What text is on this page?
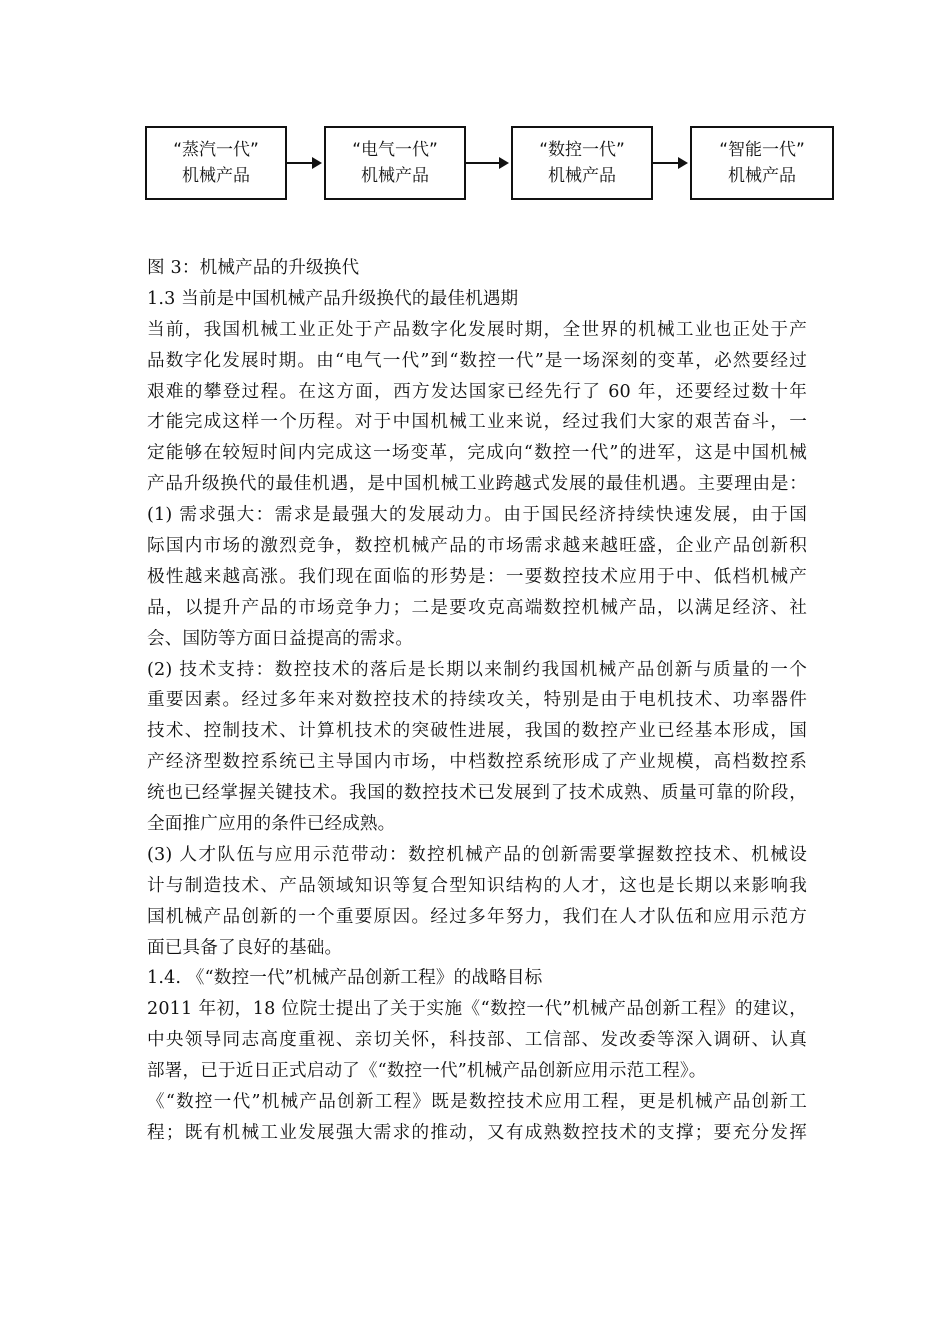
“蒸汽一代”
机械产品
“电气一代”
机械产品
“数控一代”
机械产品
“智能一代”
机械产品
图 3：机械产品的升级换代
1.3 当前是中国机械产品升级换代的最佳机遇期
当前，我国机械工业正处于产品数字化发展时期，全世界的机械工业也正处于产
品数字化发展时期。由“电气一代”到“数控一代”是一场深刻的变革，必然要经过
艰难的攀登过程。在这方面，西方发达国家已经先行了 60 年，还要经过数十年
才能完成这样一个历程。对于中国机械工业来说，经过我们大家的艰苦奋斗，一
定能够在较短时间内完成这一场变革，完成向“数控一代”的进军，这是中国机械
产品升级换代的最佳机遇，是中国机械工业跨越式发展的最佳机遇。主要理由是：
(1) 需求强大：需求是最强大的发展动力。由于国民经济持续快速发展，由于国
际国内市场的激烈竞争，数控机械产品的市场需求越来越旺盛，企业产品创新积
极性越来越高涨。我们现在面临的形势是：一要数控技术应用于中、低档机械产
品，以提升产品的市场竞争力；二是要攻克高端数控机械产品，以满足经济、社
会、国防等方面日益提高的需求。
(2) 技术支持：数控技术的落后是长期以来制约我国机械产品创新与质量的一个
重要因素。经过多年来对数控技术的持续攻关，特别是由于电机技术、功率器件
技术、控制技术、计算机技术的突破性进展，我国的数控产业已经基本形成，国
产经济型数控系统已主导国内市场，中档数控系统形成了产业规模，高档数控系
统也已经掌握关键技术。我国的数控技术已发展到了技术成熟、质量可靠的阶段，
全面推广应用的条件已经成熟。
(3) 人才队伍与应用示范带动：数控机械产品的创新需要掌握数控技术、机械设
计与制造技术、产品领域知识等复合型知识结构的人才，这也是长期以来影响我
国机械产品创新的一个重要原因。经过多年努力，我们在人才队伍和应用示范方
面已具备了良好的基础。
1.4. 《“数控一代”机械产品创新工程》的战略目标
2011 年初，18 位院士提出了关于实施《“数控一代”机械产品创新工程》的建议，
中央领导同志高度重视、亲切关怀，科技部、工信部、发改委等深入调研、认真
部署，已于近日正式启动了《“数控一代”机械产品创新应用示范工程》。
《“数控一代”机械产品创新工程》既是数控技术应用工程，更是机械产品创新工
程；既有机械工业发展强大需求的推动，又有成熟数控技术的支撑；要充分发挥
